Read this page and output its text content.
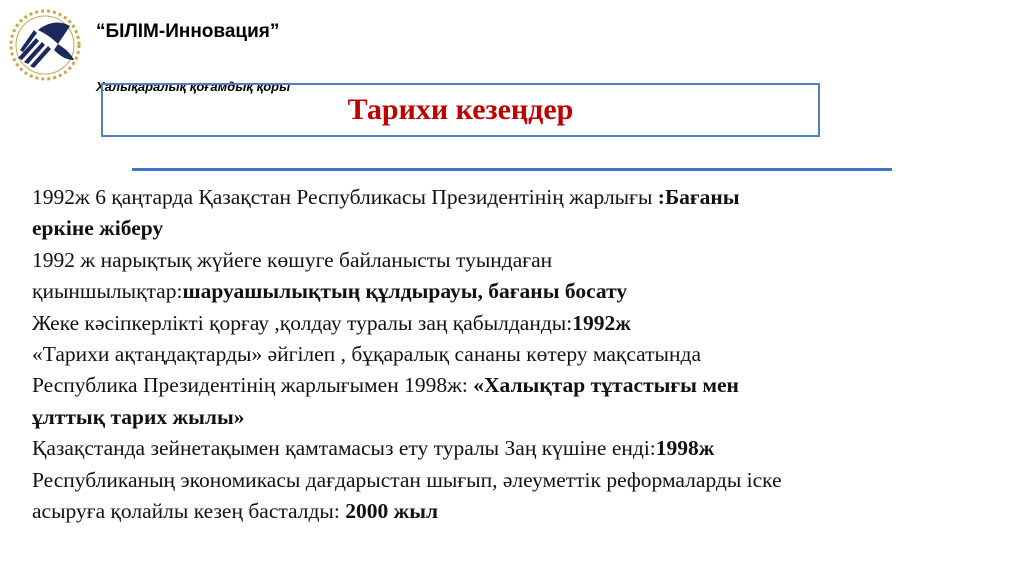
“БІЛІМ-Инновация”
Халықаралық қоғамдық қоры
Тарихи кезеңдер
1992ж 6 қаңтарда Қазақстан Республикасы Президентінің жарлығы :Бағаны
еркіне жіберу
1992 ж нарықтық жүйеге көшуге байланысты туындаған
қиыншылықтар:шаруашылықтың құлдырауы, бағаны босату
Жеке кәсіпкерлікті қорғау ,қолдау туралы заң қабылданды:1992ж
«Тарихи ақтаңдақтарды» әйгілеп , бұқаралық сананы көтеру мақсатында
Республика Президентінің жарлығымен 1998ж: «Халықтар тұтастығы мен
ұлттық тарих жылы»
Қазақстанда зейнетақымен қамтамасыз ету туралы Заң күшіне енді:1998ж
Республиканың экономикасы дағдарыстан шығып, әлеуметтік реформаларды іске
асыруға қолайлы кезең басталды: 2000 жыл
